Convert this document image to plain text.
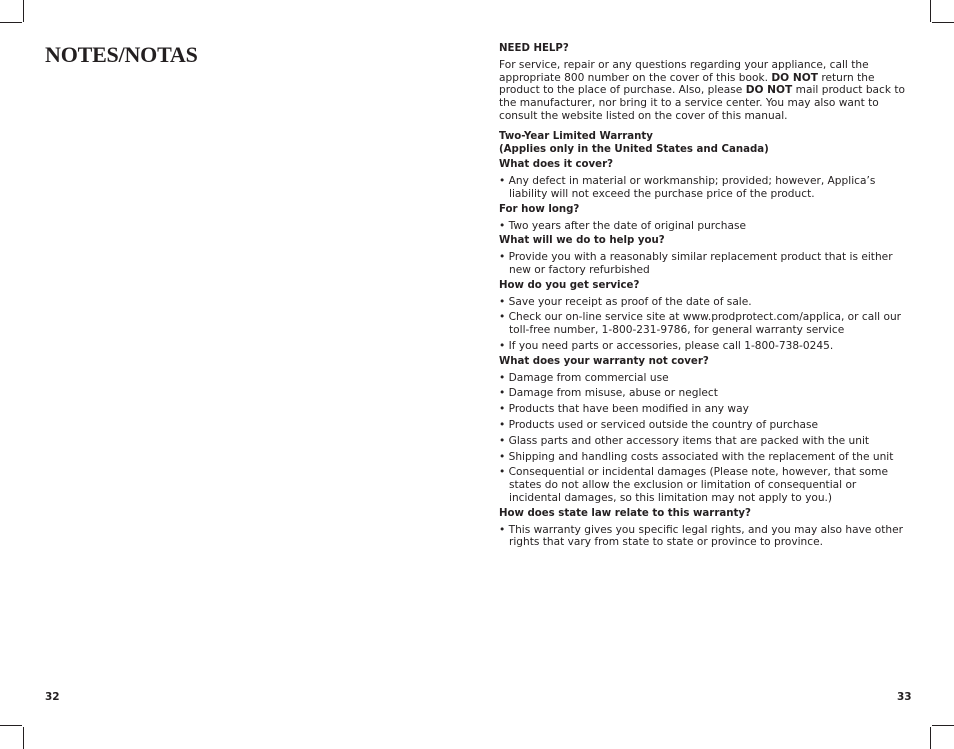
NOTES/NOTAS
32

NEED HELP?

For service, repair or any questions regarding your appliance, call the appropriate 800 number on the cover of this book. DO NOT return the product to the place of purchase. Also, please DO NOT mail product back to the manufacturer, nor bring it to a service center. You may also want to consult the website listed on the cover of this manual.

Two-Year Limited Warranty

(Applies only in the United States and Canada)

What does it cover?

• Any defect in material or workmanship; provided; however, Applica’s liability will not exceed the purchase price of the product.

For how long?

• Two years after the date of original purchase

What will we do to help you?

• Provide you with a reasonably similar replacement product that is either new or factory refurbished

How do you get service?

• Save your receipt as proof of the date of sale.

• Check our on-line service site at www.prodprotect.com/applica, or call our toll-free number, 1-800-231-9786, for general warranty service

• If you need parts or accessories, please call 1-800-738-0245.

What does your warranty not cover?

• Damage from commercial use

• Damage from misuse, abuse or neglect

• Products that have been modified in any way

• Products used or serviced outside the country of purchase

• Glass parts and other accessory items that are packed with the unit

• Shipping and handling costs associated with the replacement of the unit

• Consequential or incidental damages (Please note, however, that some states do not allow the exclusion or limitation of consequential or incidental damages, so this limitation may not apply to you.)

How does state law relate to this warranty?

• This warranty gives you specific legal rights, and you may also have other rights that vary from state to state or province to province.

33
